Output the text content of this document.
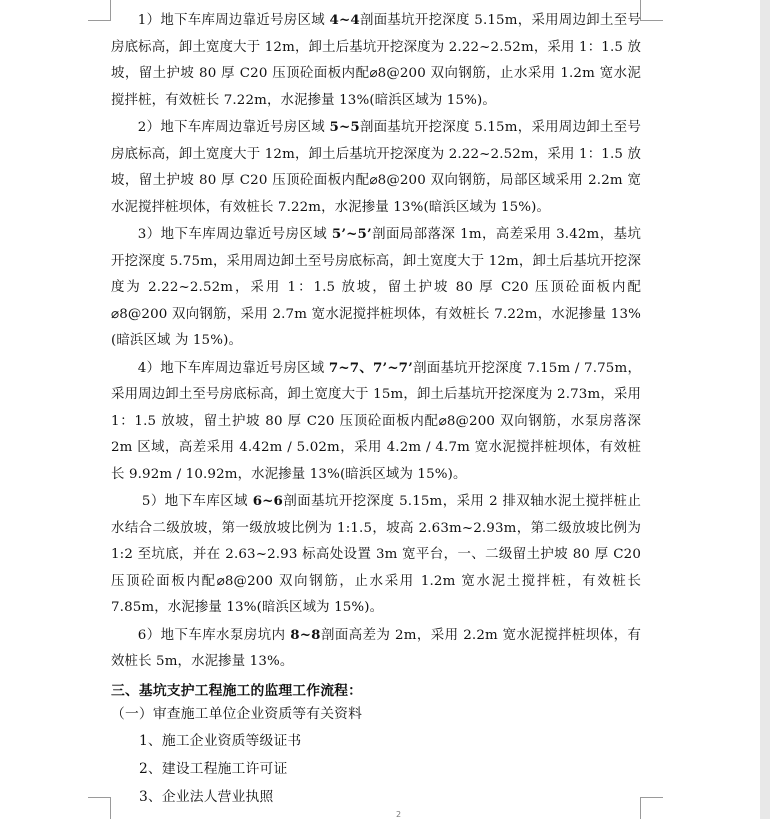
1）地下车库周边靠近号房区域 4~4剖面基坑开挖深度 5.15m，采用周边卸土至号房底标高，卸土宽度大于 12m，卸土后基坑开挖深度为 2.22~2.52m，采用 1：1.5 放坡，留土护坡 80 厚 C20 压顶砼面板内配⌀8@200 双向钢筋，止水采用 1.2m 宽水泥搅拌桩，有效桩长 7.22m，水泥掺量 13%(暗浜区域为 15%)。

2）地下车库周边靠近号房区域 5~5剖面基坑开挖深度 5.15m，采用周边卸土至号房底标高，卸土宽度大于 12m，卸土后基坑开挖深度为 2.22~2.52m，采用 1：1.5 放坡，留土护坡 80 厚 C20 压顶砼面板内配⌀8@200 双向钢筋，局部区域采用 2.2m 宽水泥搅拌桩坝体，有效桩长 7.22m，水泥掺量 13%(暗浜区域为 15%)。

3）地下车库周边靠近号房区域 5’~5’剖面局部落深 1m，高差采用 3.42m，基坑开挖深度 5.75m，采用周边卸土至号房底标高，卸土宽度大于 12m，卸土后基坑开挖深度为 2.22~2.52m，采用 1：1.5 放坡，留土护坡 80 厚 C20 压顶砼面板内配⌀8@200 双向钢筋，采用 2.7m 宽水泥搅拌桩坝体，有效桩长 7.22m，水泥掺量 13%(暗浜区域 为 15%)。

4）地下车库周边靠近号房区域 7~7、7’~7’剖面基坑开挖深度 7.15m / 7.75m，采用周边卸土至号房底标高，卸土宽度大于 15m，卸土后基坑开挖深度为 2.73m，采用 1：1.5 放坡，留土护坡 80 厚 C20 压顶砼面板内配⌀8@200 双向钢筋，水泵房落深 2m 区域，高差采用 4.42m / 5.02m，采用 4.2m / 4.7m 宽水泥搅拌桩坝体，有效桩长 9.92m / 10.92m，水泥掺量 13%(暗浜区域为 15%)。

5）地下车库区域 6~6剖面基坑开挖深度 5.15m，采用 2 排双轴水泥土搅拌桩止水结合二级放坡，第一级放坡比例为 1:1.5，坡高 2.63m~2.93m，第二级放坡比例为 1:2 至坑底，并在 2.63~2.93 标高处设置 3m 宽平台，一、二级留土护坡 80 厚 C20 压顶砼面板内配⌀8@200 双向钢筋，止水采用 1.2m 宽水泥土搅拌桩，有效桩长 7.85m，水泥掺量 13%(暗浜区域为 15%)。

6）地下车库水泵房坑内 8~8剖面高差为 2m，采用 2.2m 宽水泥搅拌桩坝体，有效桩长 5m，水泥掺量 13%。

三、基坑支护工程施工的监理工作流程：

（一）审查施工单位企业资质等有关资料

1、施工企业资质等级证书

2、建设工程施工许可证

3、企业法人营业执照

2
